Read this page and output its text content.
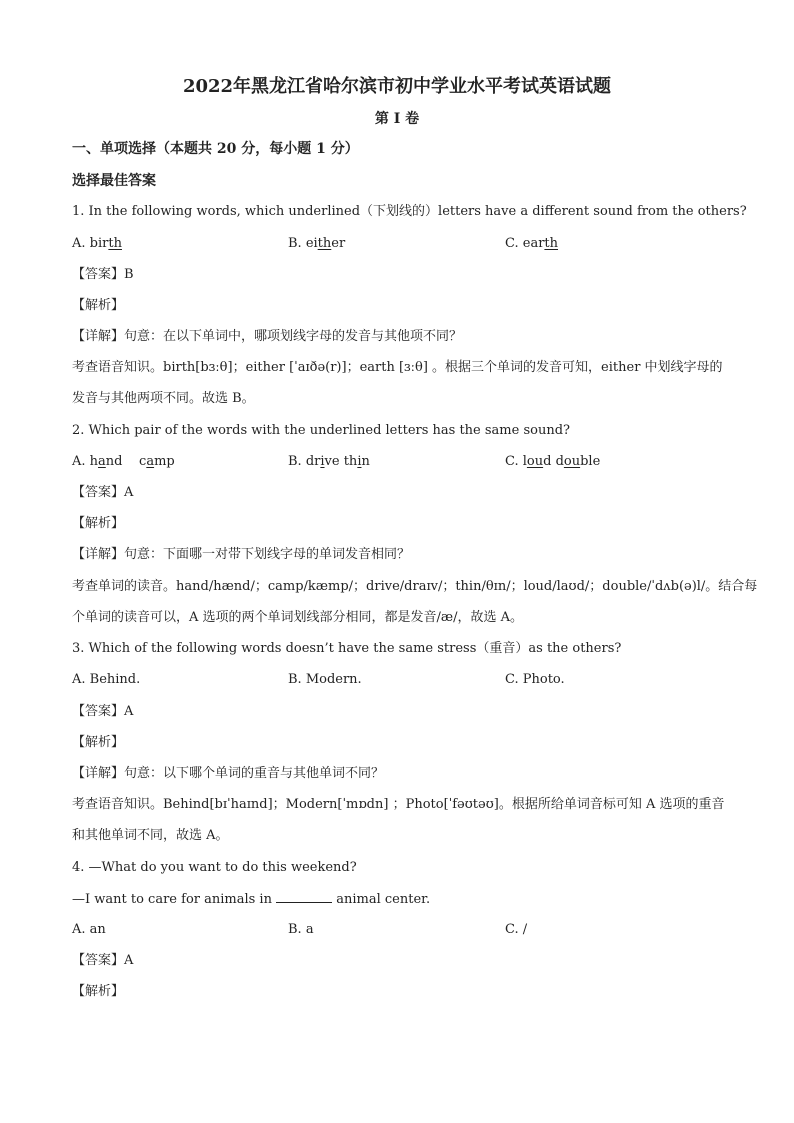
2022年黑龙江省哈尔滨市初中学业水平考试英语试题
第 I 卷
一、单项选择（本题共 20 分，每小题 1 分）
选择最佳答案
1. In the following words, which underlined（下划线的）letters have a different sound from the others?
A. birth	B. either	C. earth
【答案】B
【解析】
【详解】句意：在以下单词中，哪项划线字母的发音与其他项不同？
考查语音知识。birth[bɜːθ]；either [ˈaɪðə(r)]；earth [ɜːθ] 。根据三个单词的发音可知，either 中划线字母的
发音与其他两项不同。故选 B。
2. Which pair of the words with the underlined letters has the same sound?
A. hand    camp	B. drive thin	C. loud double
【答案】A
【解析】
【详解】句意：下面哪一对带下划线字母的单词发音相同？
考查单词的读音。hand/hænd/；camp/kæmp/；drive/draɪv/；thin/θɪn/；loud/laʊd/；double/ˈdʌb(ə)l/。结合每
个单词的读音可以，A 选项的两个单词划线部分相同，都是发音/æ/，故选 A。
3. Which of the following words doesn’t have the same stress（重音）as the others?
A. Behind.	B. Modern.	C. Photo.
【答案】A
【解析】
【详解】句意：以下哪个单词的重音与其他单词不同？
考查语音知识。Behind[bɪˈhaɪnd]；Modern[ˈmɒdn] ；Photo[ˈfəʊtəʊ]。根据所给单词音标可知 A 选项的重音
和其他单词不同，故选 A。
4. —What do you want to do this weekend?
—I want to care for animals in	animal center.
A. an	B. a	C. /
【答案】A
【解析】
